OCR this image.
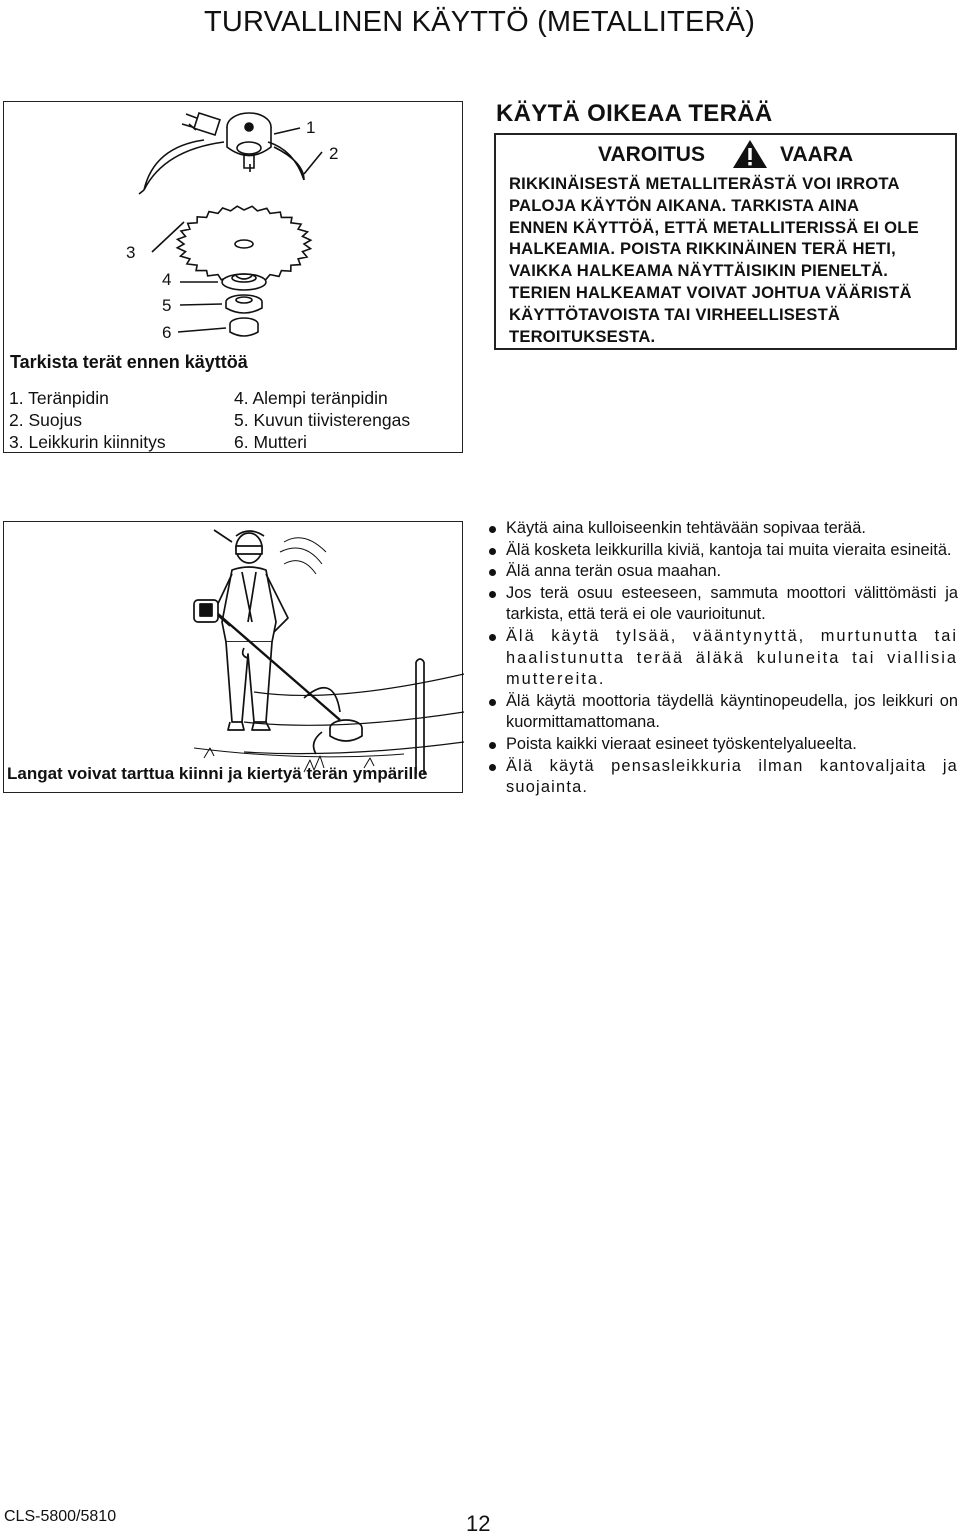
TURVALLINEN KÄYTTÖ (METALLITERÄ)
1
2
3
4
5
6
Tarkista terät ennen käyttöä
1. Teränpidin
2. Suojus
3. Leikkurin kiinnitys
4. Alempi teränpidin
5. Kuvun tiivisterengas
6. Mutteri
KÄYTÄ OIKEAA TERÄÄ
VAROITUS	VAARA

RIKKINÄISESTÄ METALLITERÄSTÄ VOI IRROTA

PALOJA KÄYTÖN AIKANA. TARKISTA AINA

ENNEN KÄYTTÖÄ, ETTÄ METALLITERISSÄ EI OLE

HALKEAMIA. POISTA RIKKINÄINEN TERÄ HETI,

VAIKKA HALKEAMA NÄYTTÄISIKIN PIENELTÄ.

TERIEN HALKEAMAT VOIVAT JOHTUA VÄÄRISTÄ

KÄYTTÖTAVOISTA TAI VIRHEELLISESTÄ

TEROITUKSESTA.

Langat voivat tarttua kiinni ja kiertyä terän ympärille
Käytä aina kulloiseenkin tehtävään sopivaa terää.
Älä kosketa leikkurilla kiviä, kantoja tai muita vieraita esineitä.
Älä anna terän osua maahan.
Jos terä osuu esteeseen, sammuta moottori välittömästi ja tarkista, että terä ei ole vaurioitunut.
Älä käytä tylsää, vääntynyttä, murtunutta tai haalistunutta terää äläkä kuluneita tai viallisia muttereita.
Älä käytä moottoria täydellä käyntinopeudella, jos leikkuri on kuormittamattomana.
Poista kaikki vieraat esineet työskentelyalueelta.
Älä käytä pensasleikkuria ilman kantovaljaita ja suojainta.
CLS-5800/5810	12
